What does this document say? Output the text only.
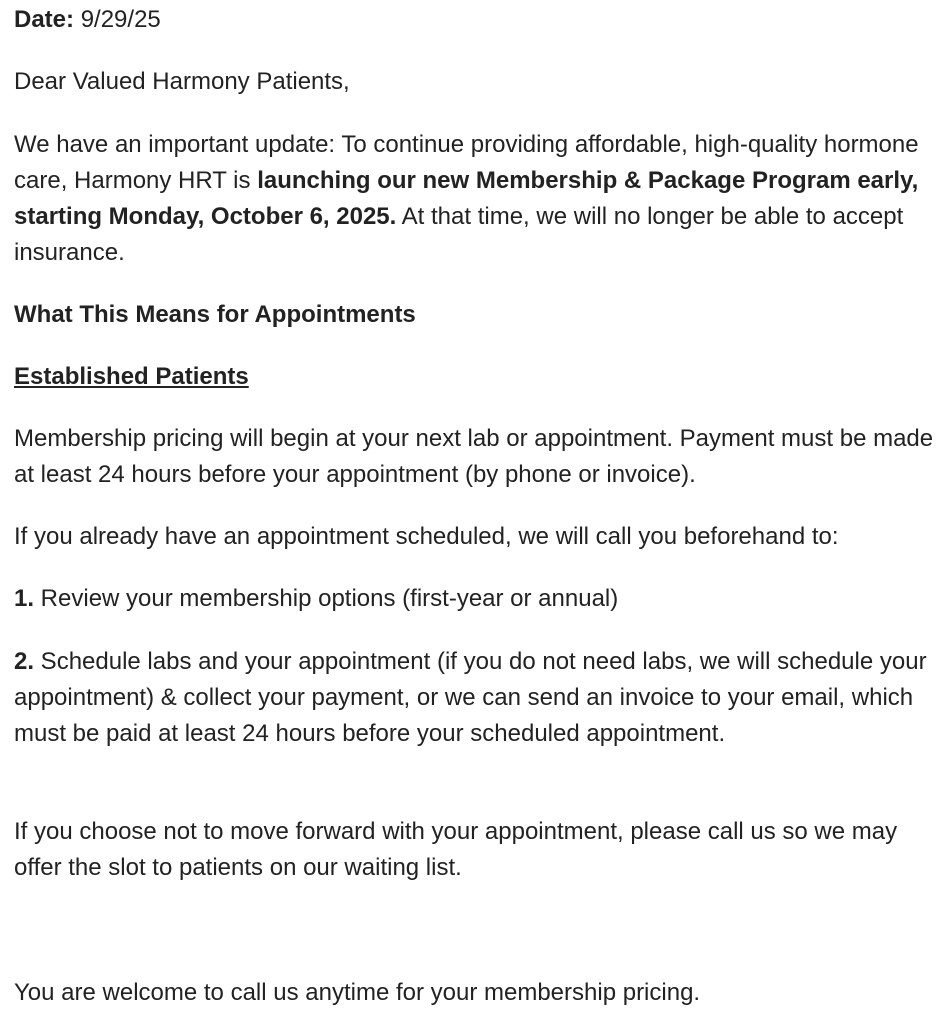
Date: 9/29/25

Dear Valued Harmony Patients,

We have an important update: To continue providing affordable, high-quality hormone care, Harmony HRT is launching our new Membership & Package Program early, starting Monday, October 6, 2025. At that time, we will no longer be able to accept insurance.

What This Means for Appointments

Established Patients

Membership pricing will begin at your next lab or appointment. Payment must be made at least 24 hours before your appointment (by phone or invoice).

If you already have an appointment scheduled, we will call you beforehand to:

1. Review your membership options (first-year or annual)

2. Schedule labs and your appointment (if you do not need labs, we will schedule your appointment) & collect your payment, or we can send an invoice to your email, which must be paid at least 24 hours before your scheduled appointment.

If you choose not to move forward with your appointment, please call us so we may offer the slot to patients on our waiting list.

You are welcome to call us anytime for your membership pricing.
